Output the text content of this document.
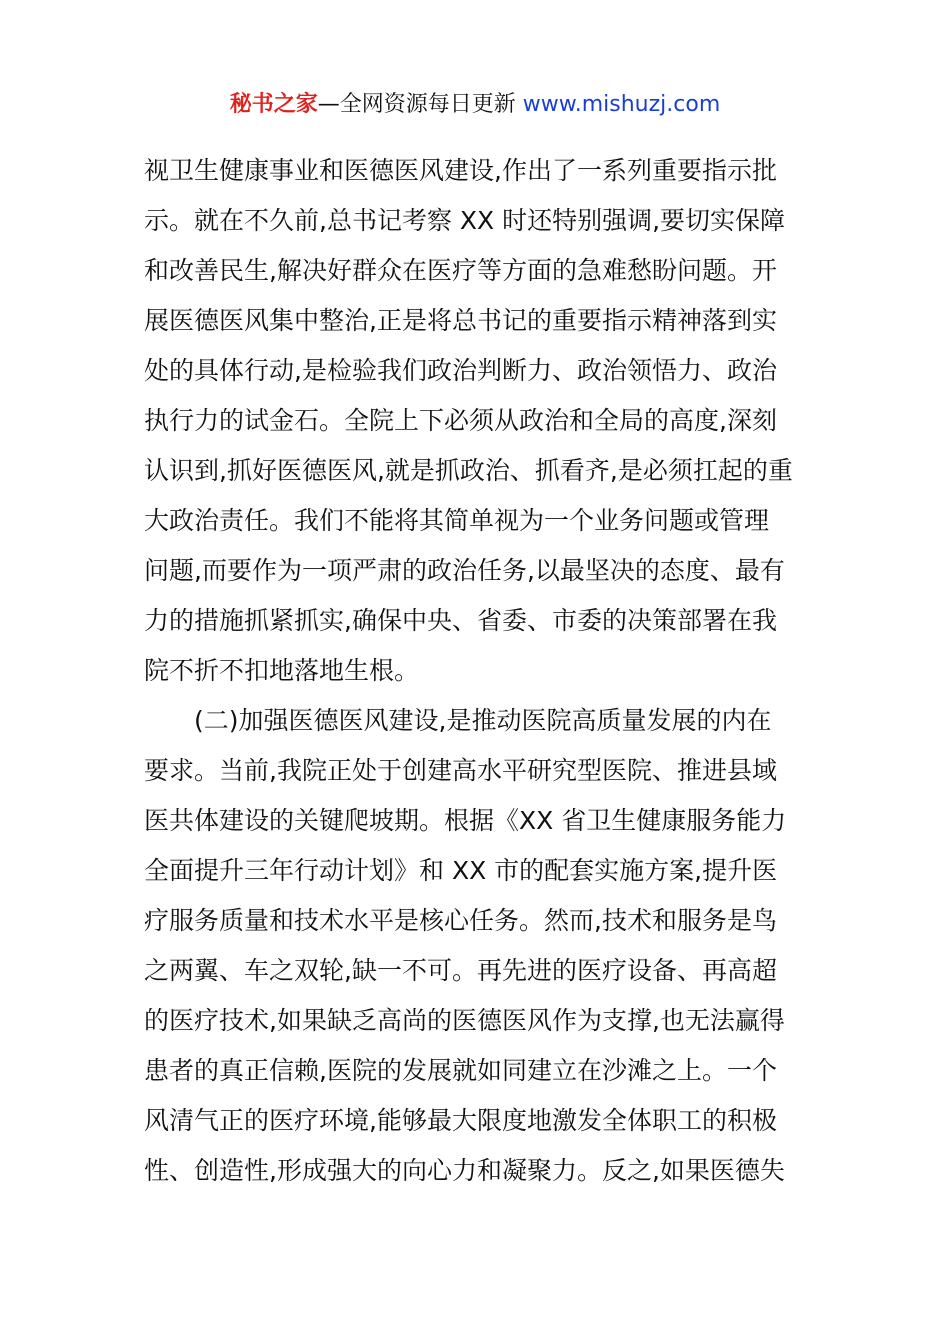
秘书之家—全网资源每日更新 www.mishuzj.com
视卫生健康事业和医德医风建设,作出了一系列重要指示批
示。就在不久前,总书记考察 XX 时还特别强调,要切实保障
和改善民生,解决好群众在医疗等方面的急难愁盼问题。开
展医德医风集中整治,正是将总书记的重要指示精神落到实
处的具体行动,是检验我们政治判断力、政治领悟力、政治
执行力的试金石。全院上下必须从政治和全局的高度,深刻
认识到,抓好医德医风,就是抓政治、抓看齐,是必须扛起的重
大政治责任。我们不能将其简单视为一个业务问题或管理
问题,而要作为一项严肃的政治任务,以最坚决的态度、最有
力的措施抓紧抓实,确保中央、省委、市委的决策部署在我
院不折不扣地落地生根。
　　(二)加强医德医风建设,是推动医院高质量发展的内在
要求。当前,我院正处于创建高水平研究型医院、推进县域
医共体建设的关键爬坡期。根据《XX 省卫生健康服务能力
全面提升三年行动计划》和 XX 市的配套实施方案,提升医
疗服务质量和技术水平是核心任务。然而,技术和服务是鸟
之两翼、车之双轮,缺一不可。再先进的医疗设备、再高超
的医疗技术,如果缺乏高尚的医德医风作为支撑,也无法赢得
患者的真正信赖,医院的发展就如同建立在沙滩之上。一个
风清气正的医疗环境,能够最大限度地激发全体职工的积极
性、创造性,形成强大的向心力和凝聚力。反之,如果医德失
